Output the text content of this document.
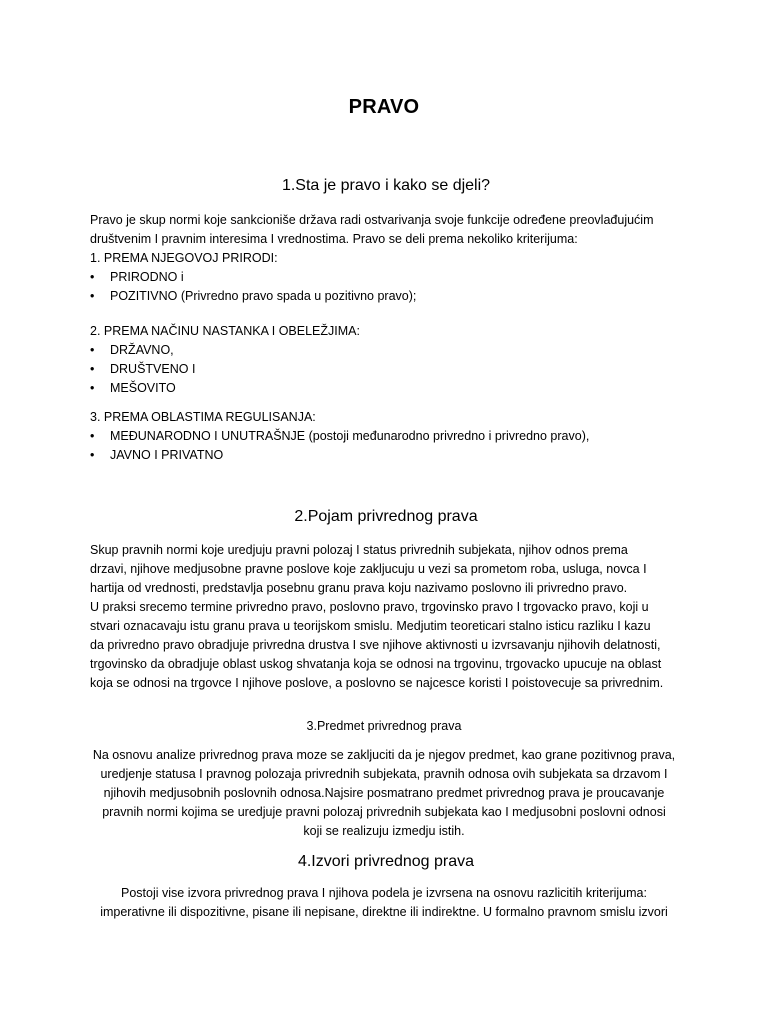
PRAVO
1.Sta je pravo i kako se djeli?
Pravo je skup normi koje sankcioniše država radi ostvarivanja svoje funkcije određene preovlađujućim
društvenim I pravnim interesima I vrednostima. Pravo se deli prema nekoliko kriterijuma:
1. PREMA NJEGOVOJ PRIRODI:
• PRIRODNO i
• POZITIVNO (Privredno pravo spada u pozitivno pravo);
2. PREMA NAČINU NASTANKA I OBELEŽJIMA:
• DRŽAVNO,
• DRUŠTVENO I
• MEŠOVITO
3. PREMA OBLASTIMA REGULISANJA:
• MEĐUNARODNO I UNUTRAŠNJE (postoji međunarodno privredno i privredno pravo),
• JAVNO I PRIVATNO
2.Pojam privrednog prava
Skup pravnih normi koje uredjuju pravni polozaj I status privrednih subjekata, njihov odnos prema
drzavi, njihove medjusobne pravne poslove koje zakljucuju u vezi sa prometom roba, usluga, novca I
hartija od vrednosti, predstavlja posebnu granu prava koju nazivamo poslovno ili privredno pravo.
U praksi srecemo termine privredno pravo, poslovno pravo, trgovinsko pravo I trgovacko pravo, koji u
stvari oznacavaju istu granu prava u teorijskom smislu. Medjutim teoreticari stalno isticu razliku I kazu
da privredno pravo obradjuje privredna drustva I sve njihove aktivnosti u izvrsavanju njihovih delatnosti,
trgovinsko da obradjuje oblast uskog shvatanja koja se odnosi na trgovinu, trgovacko upucuje na oblast
koja se odnosi na trgovce I njihove poslove, a poslovno se najcesce koristi I poistovecuje sa privrednim.
3.Predmet privrednog prava
Na osnovu analize privrednog prava moze se zakljuciti da je njegov predmet, kao grane pozitivnog prava,
uredjenje statusa I pravnog polozaja privrednih subjekata, pravnih odnosa ovih subjekata sa drzavom I
njihovih medjusobnih poslovnih odnosa.Najsire posmatrano predmet privrednog prava je proucavanje
pravnih normi kojima se uredjuje pravni polozaj privrednih subjekata kao I medjusobni poslovni odnosi
koji se realizuju izmedju istih.
4.Izvori privrednog prava
Postoji vise izvora privrednog prava I njihova podela je izvrsena na osnovu razlicitih kriterijuma:
imperativne ili dispozitivne, pisane ili nepisane, direktne ili indirektne. U formalno pravnom smislu izvori
